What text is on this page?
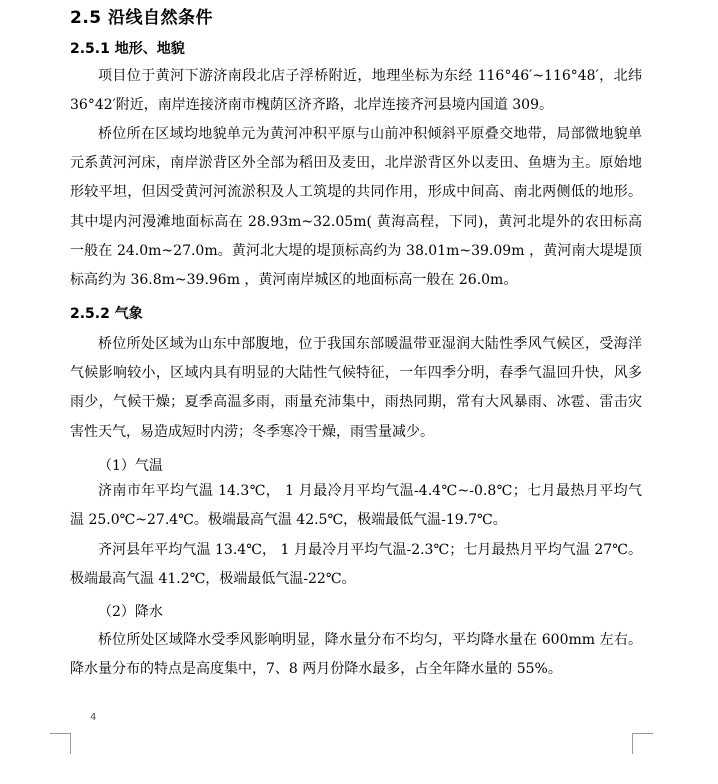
2.5 沿线自然条件
2.5.1 地形、地貌

项目位于黄河下游济南段北店子浮桥附近，地理坐标为东经 116°46′~116°48′，北纬 36°42′附近，南岸连接济南市槐荫区济齐路，北岸连接齐河县境内国道 309。

桥位所在区域均地貌单元为黄河冲积平原与山前冲积倾斜平原叠交地带，局部微地貌单元系黄河河床，南岸淤背区外全部为稻田及麦田，北岸淤背区外以麦田、鱼塘为主。原始地形较平坦，但因受黄河河流淤积及人工筑堤的共同作用，形成中间高、南北两侧低的地形。其中堤内河漫滩地面标高在 28.93m~32.05m( 黄海高程，下同)，黄河北堤外的农田标高一般在 24.0m~27.0m。黄河北大堤的堤顶标高约为 38.01m~39.09m ，黄河南大堤堤顶标高约为 36.8m~39.96m ，黄河南岸城区的地面标高一般在 26.0m。

2.5.2 气象

桥位所处区域为山东中部腹地，位于我国东部暖温带亚湿润大陆性季风气候区，受海洋气候影响较小，区域内具有明显的大陆性气候特征，一年四季分明，春季气温回升快，风多雨少，气候干燥；夏季高温多雨，雨量充沛集中，雨热同期，常有大风暴雨、冰雹、雷击灾害性天气，易造成短时内涝；冬季寒冷干燥，雨雪量减少。

（1）气温

济南市年平均气温 14.3℃， 1 月最冷月平均气温-4.4℃~-0.8℃；七月最热月平均气温 25.0℃~27.4℃。极端最高气温 42.5℃，极端最低气温-19.7℃。

齐河县年平均气温 13.4℃， 1 月最冷月平均气温-2.3℃；七月最热月平均气温 27℃。极端最高气温 41.2℃，极端最低气温-22℃。

（2）降水

桥位所处区域降水受季风影响明显，降水量分布不均匀，平均降水量在 600mm 左右。降水量分布的特点是高度集中，7、8 两月份降水最多，占全年降水量的 55%。

4
